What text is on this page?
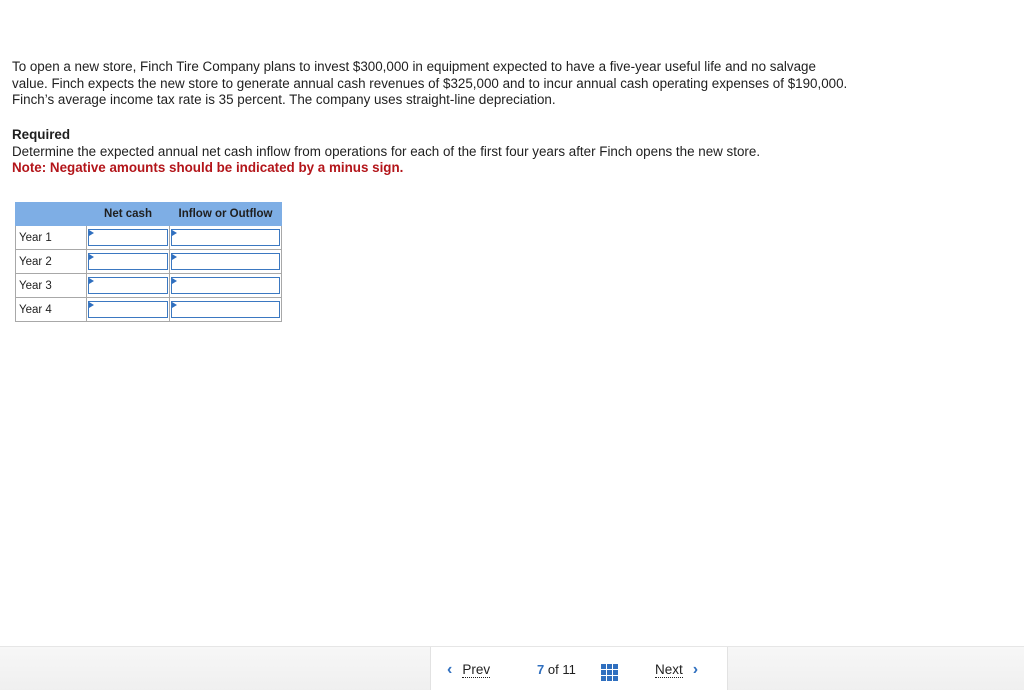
To open a new store, Finch Tire Company plans to invest $300,000 in equipment expected to have a five-year useful life and no salvage value. Finch expects the new store to generate annual cash revenues of $325,000 and to incur annual cash operating expenses of $190,000. Finch’s average income tax rate is 35 percent. The company uses straight-line depreciation.

Required

Determine the expected annual net cash inflow from operations for each of the first four years after Finch opens the new store.

Note: Negative amounts should be indicated by a minus sign.

	Net cash	Inflow or Outflow
Year 1	

Year 2	

Year 3	

Year 4	

‹ Prev	7 of 11	Next ›
